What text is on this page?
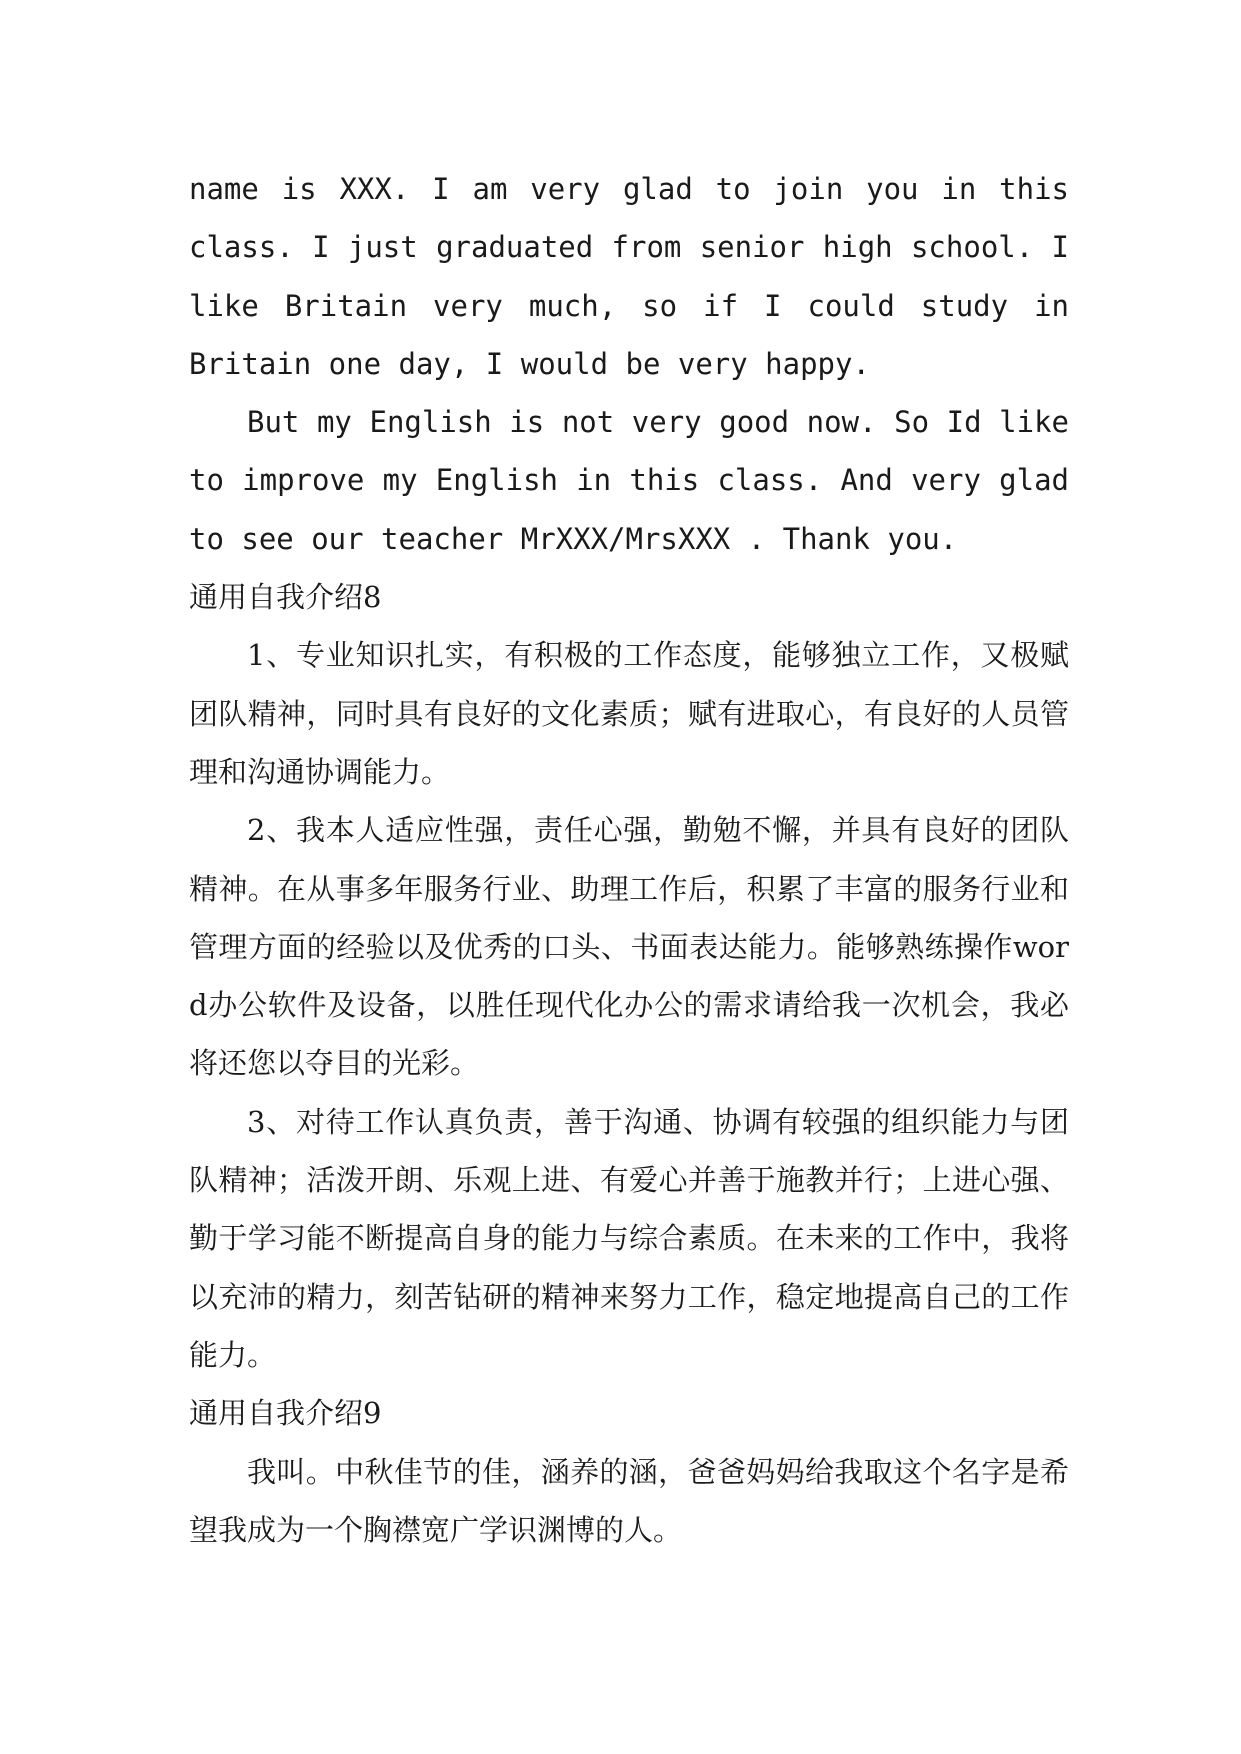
name is XXX. I am very glad to join you in this class. I just graduated from senior high school. I like Britain very much, so if I could study in Britain one day, I would be very happy.

But my English is not very good now. So Id like to improve my English in this class. And very glad to see our teacher MrXXX/MrsXXX . Thank you.

通用自我介绍8

1、专业知识扎实，有积极的工作态度，能够独立工作，又极赋团队精神，同时具有良好的文化素质；赋有进取心，有良好的人员管理和沟通协调能力。

2、我本人适应性强，责任心强，勤勉不懈，并具有良好的团队精神。在从事多年服务行业、助理工作后，积累了丰富的服务行业和管理方面的经验以及优秀的口头、书面表达能力。能够熟练操作word办公软件及设备，以胜任现代化办公的需求请给我一次机会，我必将还您以夺目的光彩。

3、对待工作认真负责，善于沟通、协调有较强的组织能力与团队精神；活泼开朗、乐观上进、有爱心并善于施教并行；上进心强、勤于学习能不断提高自身的能力与综合素质。在未来的工作中，我将以充沛的精力，刻苦钻研的精神来努力工作，稳定地提高自己的工作能力。

通用自我介绍9

我叫。中秋佳节的佳，涵养的涵，爸爸妈妈给我取这个名字是希望我成为一个胸襟宽广学识渊博的人。
